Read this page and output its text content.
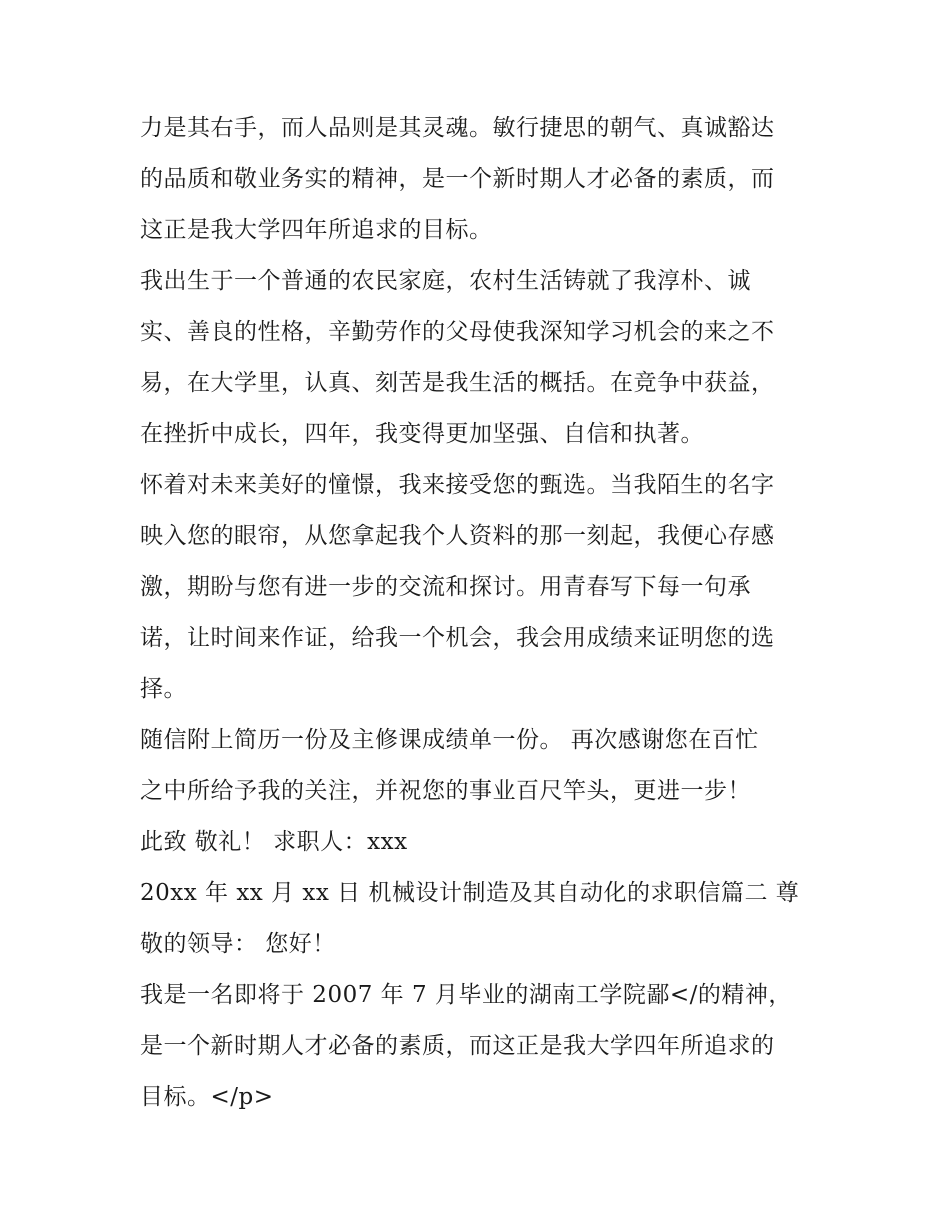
力是其右手，而人品则是其灵魂。敏行捷思的朝气、真诚豁达
的品质和敬业务实的精神，是一个新时期人才必备的素质，而
这正是我大学四年所追求的目标。
我出生于一个普通的农民家庭，农村生活铸就了我淳朴、诚
实、善良的性格，辛勤劳作的父母使我深知学习机会的来之不
易，在大学里，认真、刻苦是我生活的概括。在竞争中获益，
在挫折中成长，四年，我变得更加坚强、自信和执著。
怀着对未来美好的憧憬，我来接受您的甄选。当我陌生的名字
映入您的眼帘，从您拿起我个人资料的那一刻起，我便心存感
激，期盼与您有进一步的交流和探讨。用青春写下每一句承
诺，让时间来作证，给我一个机会，我会用成绩来证明您的选
择。
随信附上简历一份及主修课成绩单一份。 再次感谢您在百忙
之中所给予我的关注，并祝您的事业百尺竿头，更进一步！
此致 敬礼！ 求职人：xxx
20xx 年 xx 月 xx 日 机械设计制造及其自动化的求职信篇二 尊
敬的领导： 您好！
我是一名即将于 2007 年 7 月毕业的湖南工学院鄙</的精神，
是一个新时期人才必备的素质，而这正是我大学四年所追求的
目标。</p>
